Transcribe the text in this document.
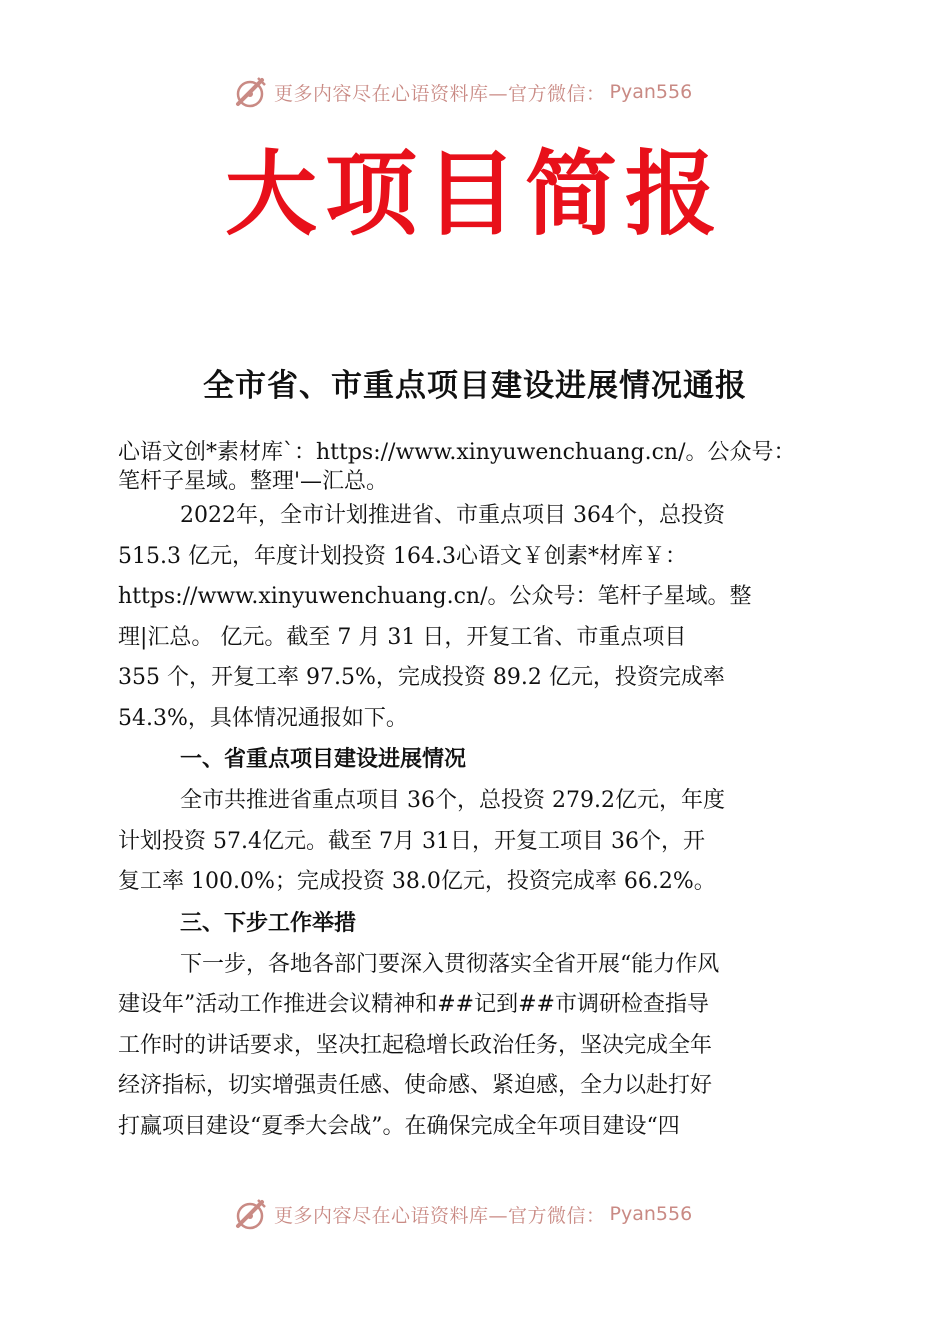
更多内容尽在心语资料库—官方微信： Pyan556
大项目简报
全市省、市重点项目建设进展情况通报
心语文创*素材库`：https://www.xinyuwenchuang.cn/。公众号：
笔杆子星域。整理'—汇总。
2022年，全市计划推进省、市重点项目 364个，总投资
515.3 亿元，年度计划投资 164.3心语文￥创素*材库￥：
https://www.xinyuwenchuang.cn/。公众号：笔杆子星域。整
理|汇总。 亿元。截至 7 月 31 日，开复工省、市重点项目
355 个，开复工率 97.5%，完成投资 89.2 亿元，投资完成率
54.3%，具体情况通报如下。
一、省重点项目建设进展情况
全市共推进省重点项目 36个，总投资 279.2亿元，年度
计划投资 57.4亿元。截至 7月 31日，开复工项目 36个，开
复工率 100.0%；完成投资 38.0亿元，投资完成率 66.2%。
三、下步工作举措
下一步，各地各部门要深入贯彻落实全省开展“能力作风
建设年”活动工作推进会议精神和##记到##市调研检查指导
工作时的讲话要求，坚决扛起稳增长政治任务，坚决完成全年
经济指标，切实增强责任感、使命感、紧迫感，全力以赴打好
打赢项目建设“夏季大会战”。在确保完成全年项目建设“四
更多内容尽在心语资料库—官方微信： Pyan556
